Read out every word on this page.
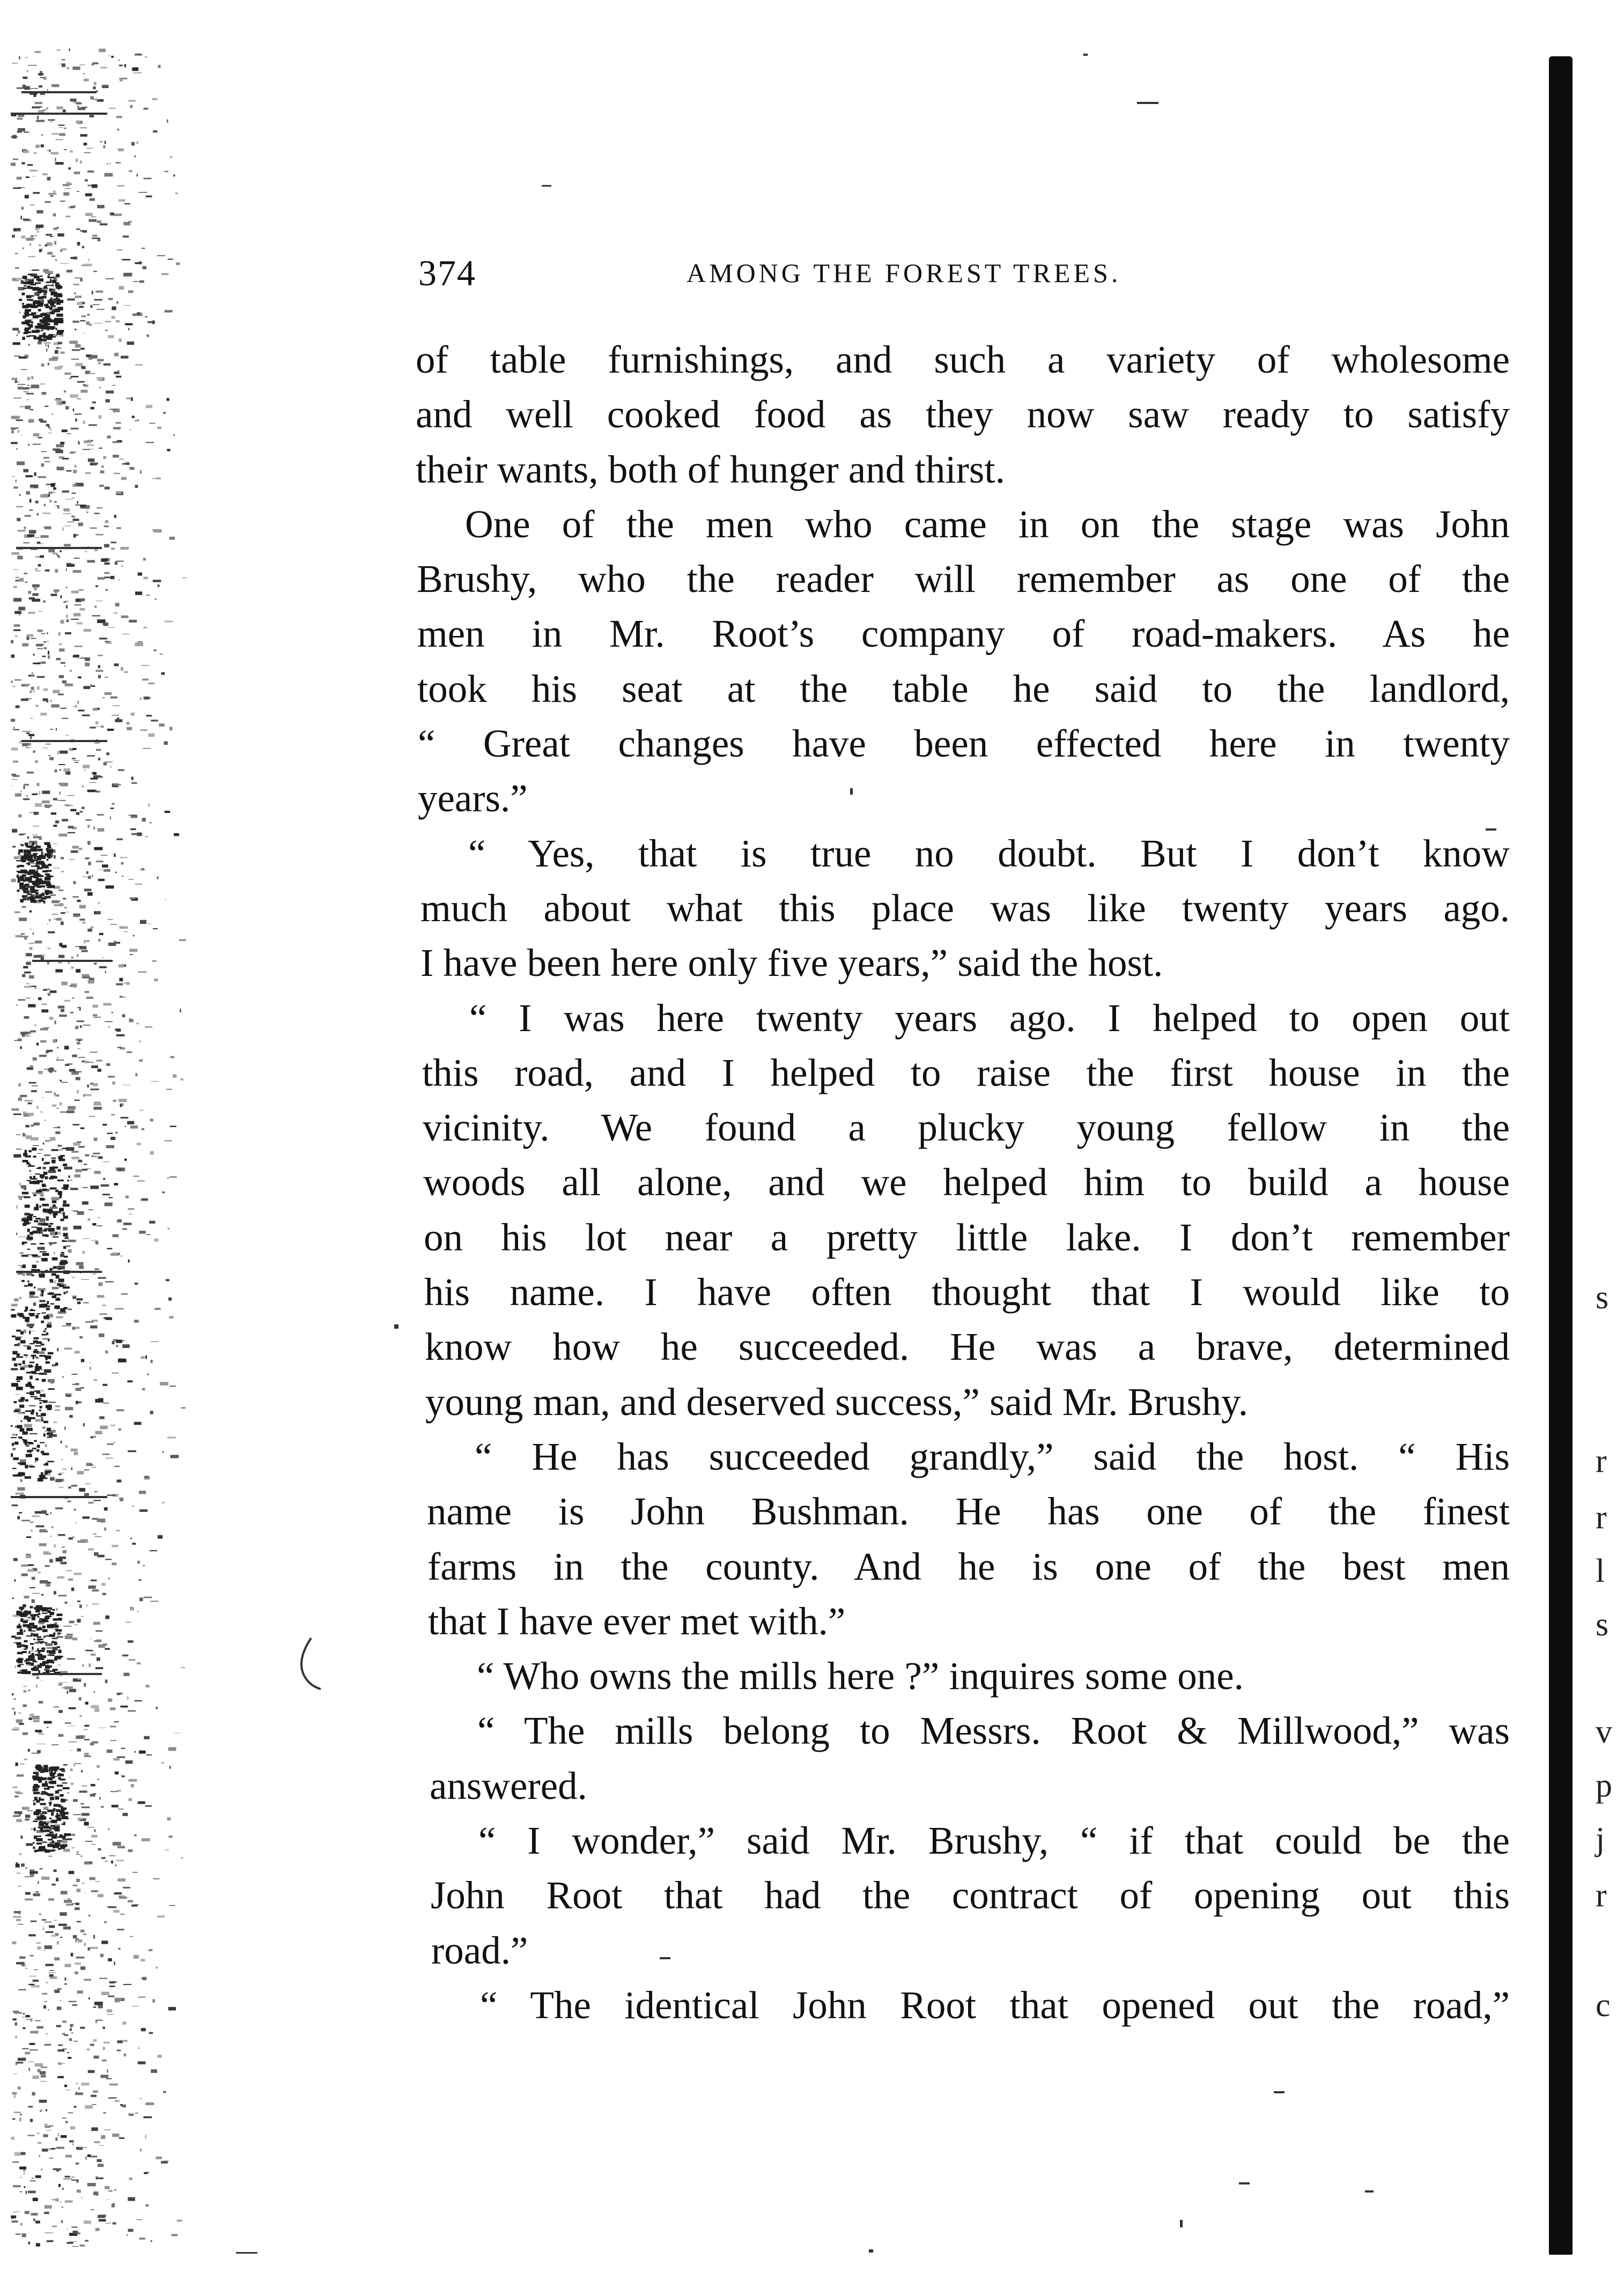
374	AMONG THE FOREST TREES.
of table furnishings, and such a variety of wholesome
and well cooked food as they now saw ready to satisfy
their wants, both of hunger and thirst.
One of the men who came in on the stage was John
Brushy, who the reader will remember as one of the
men in Mr. Root’s company of road-makers. As he
took his seat at the table he said to the landlord,
“ Great changes have been effected here in twenty
years.”
“ Yes, that is true no doubt. But I don’t know
much about what this place was like twenty years ago.
I have been here only five years,” said the host.
“ I was here twenty years ago. I helped to open out
this road, and I helped to raise the first house in the
vicinity. We found a plucky young fellow in the
woods all alone, and we helped him to build a house
on his lot near a pretty little lake. I don’t remember
his name. I have often thought that I would like to
know how he succeeded. He was a brave, determined
young man, and deserved success,” said Mr. Brushy.
“ He has succeeded grandly,” said the host. “ His
name is John Bushman. He has one of the finest
farms in the county. And he is one of the best men
that I have ever met with.”
“ Who owns the mills here ?” inquires some one.
“ The mills belong to Messrs. Root & Millwood,” was
answered.
“ I wonder,” said Mr. Brushy, “ if that could be the
John Root that had the contract of opening out this
road.”
“ The identical John Root that opened out the road,”
s
r
r
l
s
v
p
j
r
c
